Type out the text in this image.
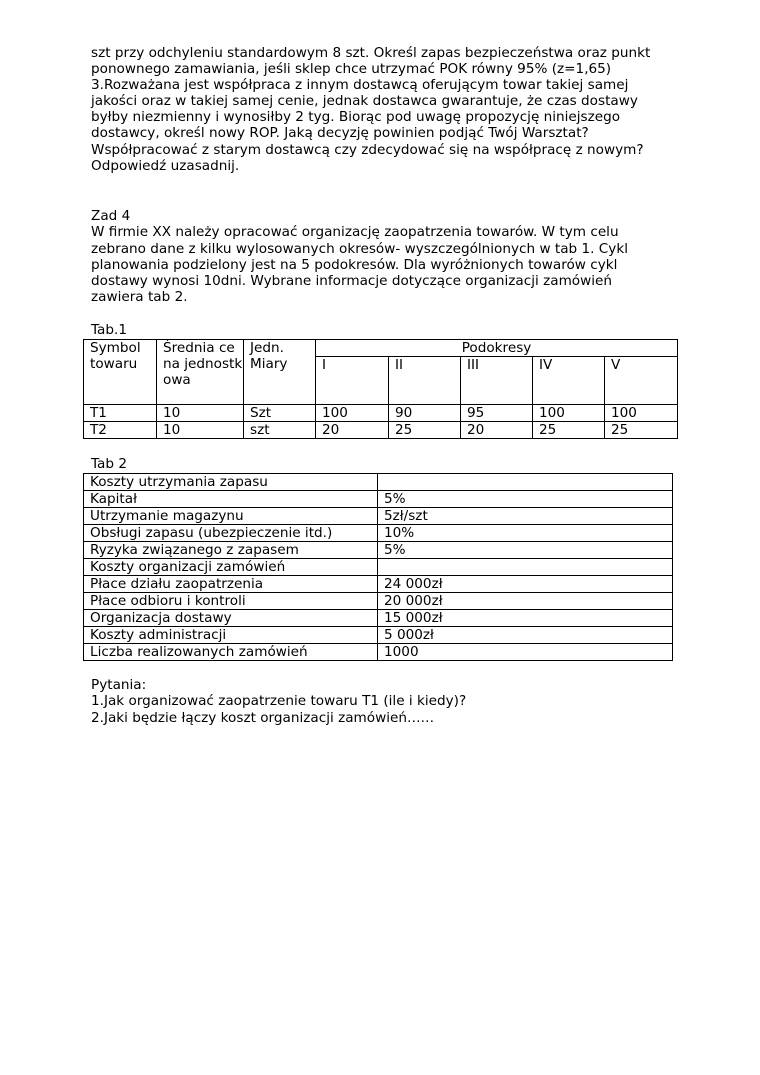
szt przy odchyleniu standardowym 8 szt. Określ zapas bezpieczeństwa oraz punkt
ponownego zamawiania, jeśli sklep chce utrzymać POK równy 95% (z=1,65)
3.Rozważana jest współpraca z innym dostawcą oferującym towar takiej samej
jakości oraz w takiej samej cenie, jednak dostawca gwarantuje, że czas dostawy
byłby niezmienny i wynosiłby 2 tyg. Biorąc pod uwagę propozycję niniejszego
dostawcy, określ nowy ROP. Jaką decyzję powinien podjąć Twój Warsztat?
Współpracować z starym dostawcą czy zdecydować się na współpracę z nowym?
Odpowiedź uzasadnij.
Zad 4
W firmie XX należy opracować organizację zaopatrzenia towarów. W tym celu
zebrano dane z kilku wylosowanych okresów- wyszczególnionych w tab 1. Cykl
planowania podzielony jest na 5 podokresów. Dla wyróżnionych towarów cykl
dostawy wynosi 10dni. Wybrane informacje dotyczące organizacji zamówień
zawiera tab 2.
Tab.1
Symbol towaru	Średnia cena jednostkowa	Jedn. Miary	Podokresy				
			I	II	III	IV	V
T1	10	Szt	100	90	95	100	100
T2	10	szt	20	25	20	25	25
Tab 2
Koszty utrzymania zapasu	
Kapitał	5%
Utrzymanie magazynu	5zł/szt
Obsługi zapasu (ubezpieczenie itd.)	10%
Ryzyka związanego z zapasem	5%
Koszty organizacji zamówień	
Płace działu zaopatrzenia	24 000zł
Płace odbioru i kontroli	20 000zł
Organizacja dostawy	15 000zł
Koszty administracji	5 000zł
Liczba realizowanych zamówień	1000
Pytania:
1.Jak organizować zaopatrzenie towaru T1 (ile i kiedy)?
2.Jaki będzie łączy koszt organizacji zamówień……
